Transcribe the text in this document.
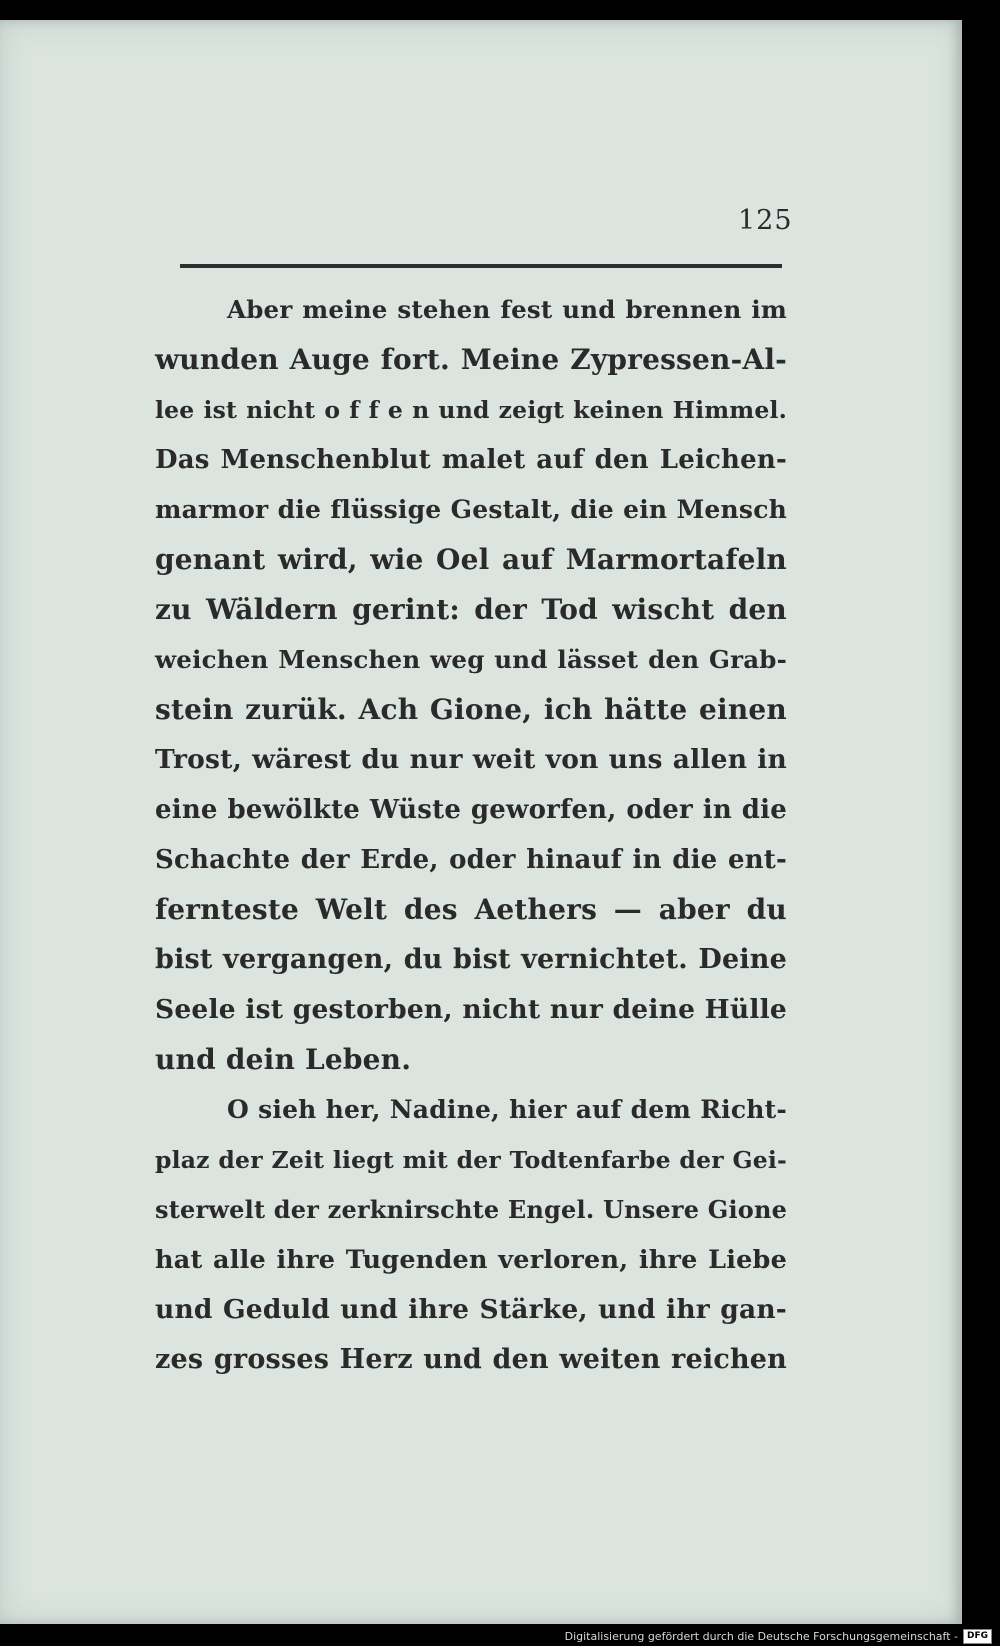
125
Aber meine stehen fest und brennen im
wunden Auge fort. Meine Zypressen-Al-
lee ist nicht o f f e n und zeigt keinen Himmel.
Das Menschenblut malet auf den Leichen-
marmor die flüssige Gestalt, die ein Mensch
genant wird, wie Oel auf Marmortafeln
zu Wäldern gerint: der Tod wischt den
weichen Menschen weg und lässet den Grab-
stein zurük. Ach Gione, ich hätte einen
Trost, wärest du nur weit von uns allen in
eine bewölkte Wüste geworfen, oder in die
Schachte der Erde, oder hinauf in die ent-
fernteste Welt des Aethers — aber du
bist vergangen, du bist vernichtet. Deine
Seele ist gestorben, nicht nur deine Hülle
und dein Leben.
O sieh her, Nadine, hier auf dem Richt-
plaz der Zeit liegt mit der Todtenfarbe der Gei-
sterwelt der zerknirschte Engel. Unsere Gione
hat alle ihre Tugenden verloren, ihre Liebe
und Geduld und ihre Stärke, und ihr gan-
zes grosses Herz und den weiten reichen
Digitalisierung gefördert durch die Deutsche Forschungsgemeinschaft -	DFG
